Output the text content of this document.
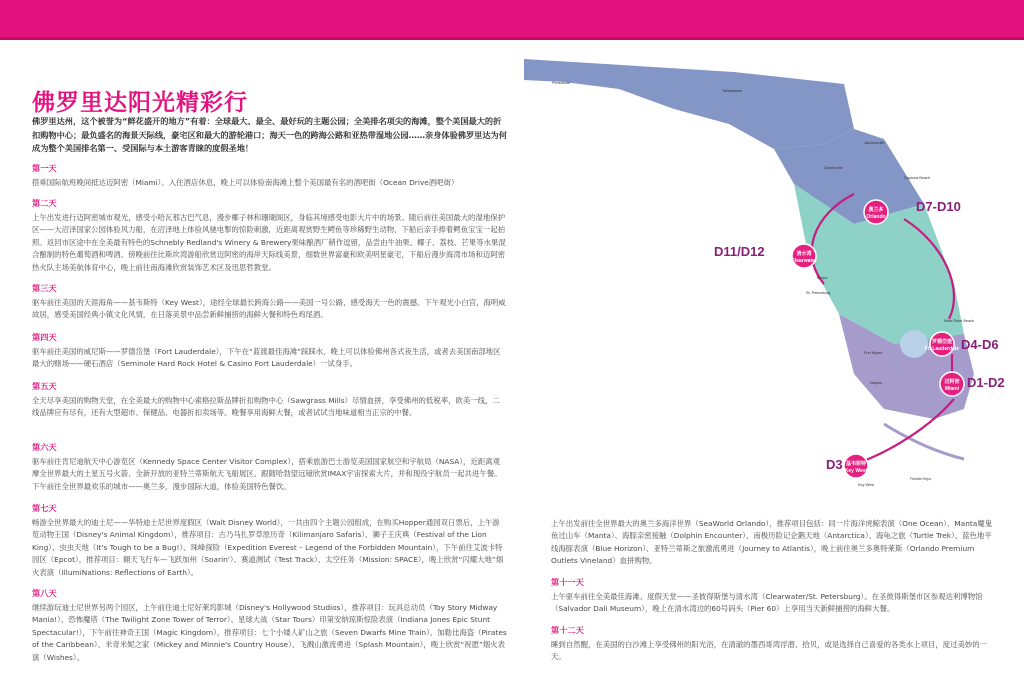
佛罗里达阳光精彩行

佛罗里达州，这个被誉为“鲜花盛开的地方”有着：全球最大、最全、最好玩的主题公园；全美排名项尖的海滩，整个美国最大的折扣购物中心；最负盛名的海景天际线，豪宅区和最大的游轮港口；海天一色的跨海公路和亚热带湿地公园……亲身体验佛罗里达为何成为整个美国排名第一、受国际与本土游客青睐的度假圣地！

第一天
搭乘国际航班晚间抵达迈阿密（Miami）。入住酒店休息，晚上可以体验南海滩上整个美国最有名的酒吧街（Ocean Drive酒吧街）
第二天
上午出发进行迈阿密城市观光，感受小哈瓦那古巴气息，漫步椰子林和珊瑚阁区，身临其境感受电影大片中的场景。随后前往美国最大的湿地保护区——大沼泽国家公园体验风力船，在沼泽地上体验风驰电掣的惊险刺激，近距离观赏野生鳄鱼等珍稀野生动物，下船后亲手捧着鳄鱼宝宝一起拍照。返回市区途中在全美最有特色的Schnebly Redland's Winery & Brewery果味酿酒厂稍作逗留，品尝由牛油果、椰子、荔枝、芒果等水果混合酿制的特色葡萄酒和啤酒。傍晚前往比斯坎湾游船欣赏迈阿密的海岸天际线美景，细数世界富豪和欧美明星豪宅，下船后漫步海湾市场和迈阿密热火队主场美航体育中心，晚上前往南海滩欣赏装饰艺术区及迅思哲教堂。
第三天
驱车前往美国的天涯海角——基韦斯特（Key West），途经全球最长跨海公路——美国一号公路，感受海天一色的震撼。下午观光小白宫，海明威故居，感受美国经典小镇文化风情，在日落美景中品尝新鲜捕捞的海鲜大餐和特色鸡尾酒。
第四天
驱车前往美国的威尼斯——罗德岱堡（Fort Lauderdale），下午在“蓝渡最佳海滩”踩踩水，晚上可以体验佛州各式夜生活，或者去美国南部地区最大的赌场——硬石酒店（Seminole Hard Rock Hotel & Casino Fort Lauderdale）一试身手。
第五天
全天尽享美国的购物天堂，在全美最大的购物中心索格拉斯品牌折扣购物中心（Sawgrass Mills）尽情血拼，享受佛州的低税率，欧美一线，二线品牌应有尽有，还有大型超市、保健品、电器折扣卖场等。晚餐享用海鲜大餐，或者试试当地味道相当正宗的中餐。
第六天
驱车前往肯尼迪航天中心游览区（Kennedy Space Center Visitor Complex），搭乘旅游巴士游览美国国家航空和宇航局（NASA），近距离观摩全世界最大的土星五号火箭、全新开放的亚特兰蒂斯航天飞船展区。跟随哈勃望远镜欣赏IMAX宇宙探索大片，并和现役宇航员一起共进午餐。下午前往全世界最欢乐的城市——奥兰多，漫步国际大道，体验美国特色餐饮。
第七天
畅游全世界最大的迪士尼——华特迪士尼世界度假区（Walt Disney World），一共由四个主题公园组成，在购买Hopper通园双日票后，上午游览动物王国（Disney's Animal Kingdom），推荐项目：古乃马扎罗草原历奇（Kilimanjaro Safaris）、狮子王庆典（Festival of the Lion King）、虫虫天地（It's Tough to be a Bug!）、珠峰探险（Expedition Everest – Legend of the Forbidden Mountain），下午前往艾波卡特园区（Epcot），推荐项目：翱天飞行车—飞跃加州（Soarin'）、赛道测试（Test Track）、太空任务（Mission: SPACE），晚上欣赏“闪耀大地”烟火表演（IllumiNations: Reflections of Earth）。
第八天
继续游玩迪士尼世界另两个园区，上午前往迪士尼好莱坞影城（Disney's Hollywood Studios），推荐项目：玩具总动员（Toy Story Midway Mania!）、恐怖魔塔（The Twilight Zone Tower of Terror）、星球大战（Star Tours）印第安纳琼斯惊险表演（Indiana Jones Epic Stunt Spectacular!），下午前往神奇王国（Magic Kingdom），推荐项目：七个小矮人矿山之旅（Seven Dwarfs Mine Train）、加勒比海盗（Pirates of the Caribbean）、米奇米妮之家（Mickey and Minnie's Country House）、飞溅山激流勇进（Splash Mountain），晚上欣赏“祝愿”烟火表演（Wishes）。
上午出发前往全世界最大的奥兰多海洋世界（SeaWorld Orlando），推荐项目包括：同一片海洋虎鲸表演（One Ocean）、Manta魔鬼鱼过山车（Manta）、海豚亲密接触（Dolphin Encounter）、南极历险记企鹅天地（Antarctica）、海龟之旅（Turtle Trek）、蓝色地平线海豚表演（Blue Horizon）、亚特兰蒂斯之旅激流勇进（Journey to Atlantis），晚上前往奥兰多奥特莱斯（Orlando Premium Outlets Vineland）血拼购物。
第十一天
上午驱车前往全美最佳海滩、度假天堂——圣彼得斯堡与清水湾（Clearwater/St. Petersburg）。在圣彼得斯堡市区参观达利博物馆（Salvador Dali Museum），晚上在清水湾边的60号码头（Pier 60）上享用当天新鲜捕捞的海鲜大餐。
第十二天
睡到自然醒，在美国的白沙滩上享受佛州的阳光浴，在清澈的墨西哥湾浮潜、拾贝，或是选择自己喜爱的各类水上项目，度过美妙的一天。
奥兰多
Orlando
清水湾
Clearwater
罗德岱堡
Ft. Lauderdale
迈阿密
Miami
基韦斯特
Key West
D7-D10
D11/D12
D4-D6
D1-D2
D3
Pensacola
Tallahassee
Jacksonville
Gainesville
Daytona Beach
Tampa
St. Petersburg
Fort Myers
Naples
West Palm Beach
Key West
Florida Keys
